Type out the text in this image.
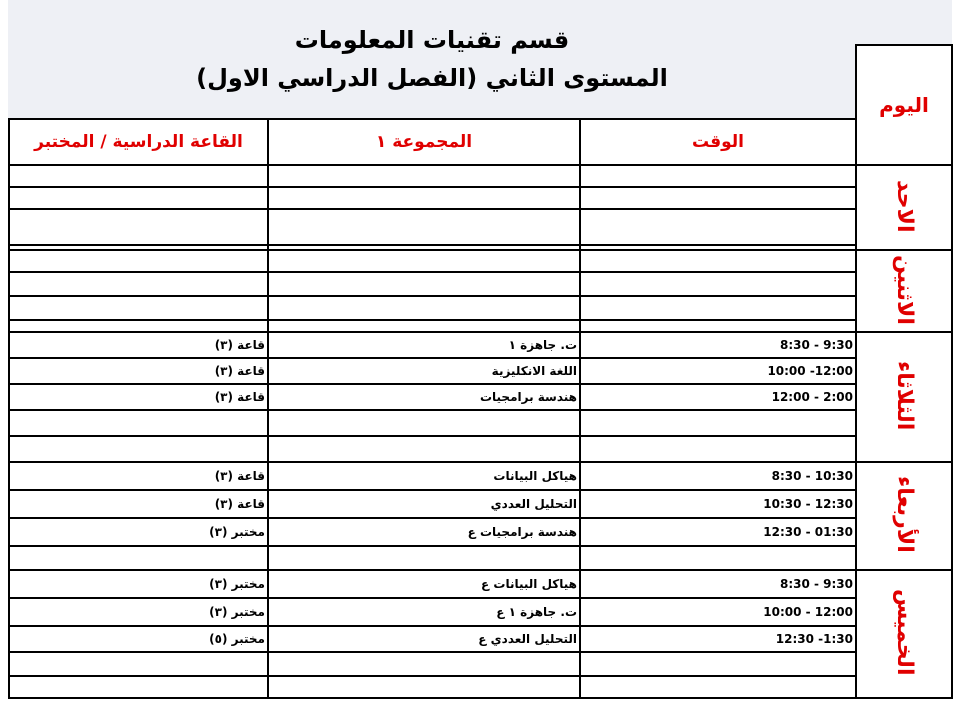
قسم تقنيات المعلومات
المستوى الثاني (الفصل الدراسي الاول)
			اليوم
القاعة الدراسية / المختبر	المجموعة ١	الوقت	
			الاحد

			الاثنين

قاعة (٣)	ت. جاهزة ١	8:30 - 9:30	الثلاثاء
قاعة (٣)	اللغة الانكليزية	10:00 -12:00	
قاعة (٣)	هندسة برامجيات	12:00 - 2:00	

قاعة (٣)	هياكل البيانات	8:30 - 10:30	الأربعاء
قاعة (٣)	التحليل العددي	10:30 - 12:30	
مختبر (٣)	هندسة برامجيات ع	12:30 - 01:30	

مختبر (٣)	هياكل البيانات ع	8:30 - 9:30	الخميس
مختبر (٣)	ت. جاهزة ١ ع	10:00 - 12:00	
مختبر (٥)	التحليل العددي ع	12:30 -1:30	
